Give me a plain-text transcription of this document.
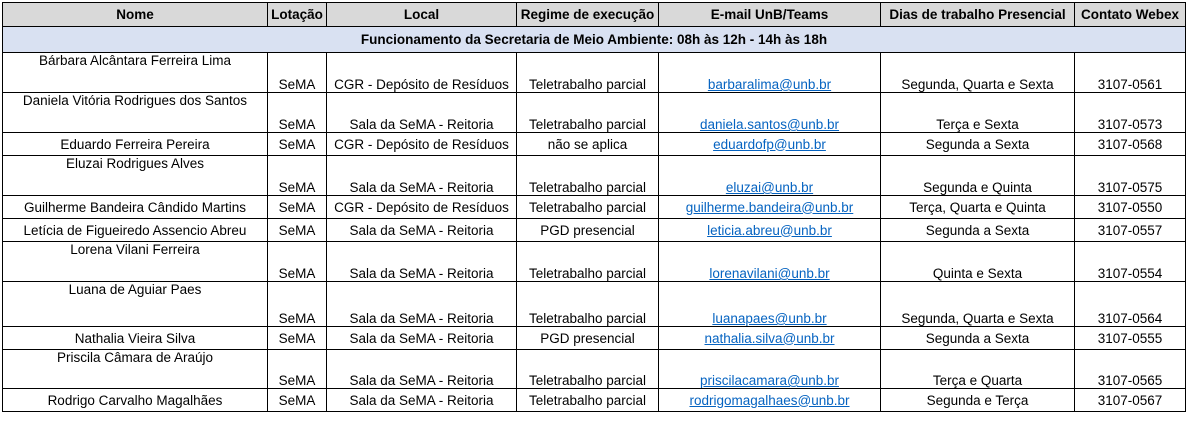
Nome	Lotação	Local	Regime de execução	E-mail UnB/Teams	Dias de trabalho Presencial	Contato Webex
Funcionamento da Secretaria de Meio Ambiente: 08h às 12h - 14h às 18h						
Bárbara Alcântara Ferreira Lima	SeMA	CGR - Depósito de Resíduos	Teletrabalho parcial	barbaralima@unb.br	Segunda, Quarta e Sexta	3107-0561
Daniela Vitória Rodrigues dos Santos	SeMA	Sala da SeMA - Reitoria	Teletrabalho parcial	daniela.santos@unb.br	Terça e Sexta	3107-0573
Eduardo Ferreira Pereira	SeMA	CGR - Depósito de Resíduos	não se aplica	eduardofp@unb.br	Segunda a Sexta	3107-0568
Eluzai Rodrigues Alves	SeMA	Sala da SeMA - Reitoria	Teletrabalho parcial	eluzai@unb.br	Segunda e Quinta	3107-0575
Guilherme Bandeira Cândido Martins	SeMA	CGR - Depósito de Resíduos	Teletrabalho parcial	guilherme.bandeira@unb.br	Terça, Quarta e Quinta	3107-0550
Letícia de Figueiredo Assencio Abreu	SeMA	Sala da SeMA - Reitoria	PGD presencial	leticia.abreu@unb.br	Segunda a Sexta	3107-0557
Lorena Vilani Ferreira	SeMA	Sala da SeMA - Reitoria	Teletrabalho parcial	lorenavilani@unb.br	Quinta e Sexta	3107-0554
Luana de Aguiar Paes	SeMA	Sala da SeMA - Reitoria	Teletrabalho parcial	luanapaes@unb.br	Segunda, Quarta e Sexta	3107-0564
Nathalia Vieira Silva	SeMA	Sala da SeMA - Reitoria	PGD presencial	nathalia.silva@unb.br	Segunda a Sexta	3107-0555
Priscila Câmara de Araújo	SeMA	Sala da SeMA - Reitoria	Teletrabalho parcial	priscilacamara@unb.br	Terça e Quarta	3107-0565
Rodrigo Carvalho Magalhães	SeMA	Sala da SeMA - Reitoria	Teletrabalho parcial	rodrigomagalhaes@unb.br	Segunda e Terça	3107-0567
